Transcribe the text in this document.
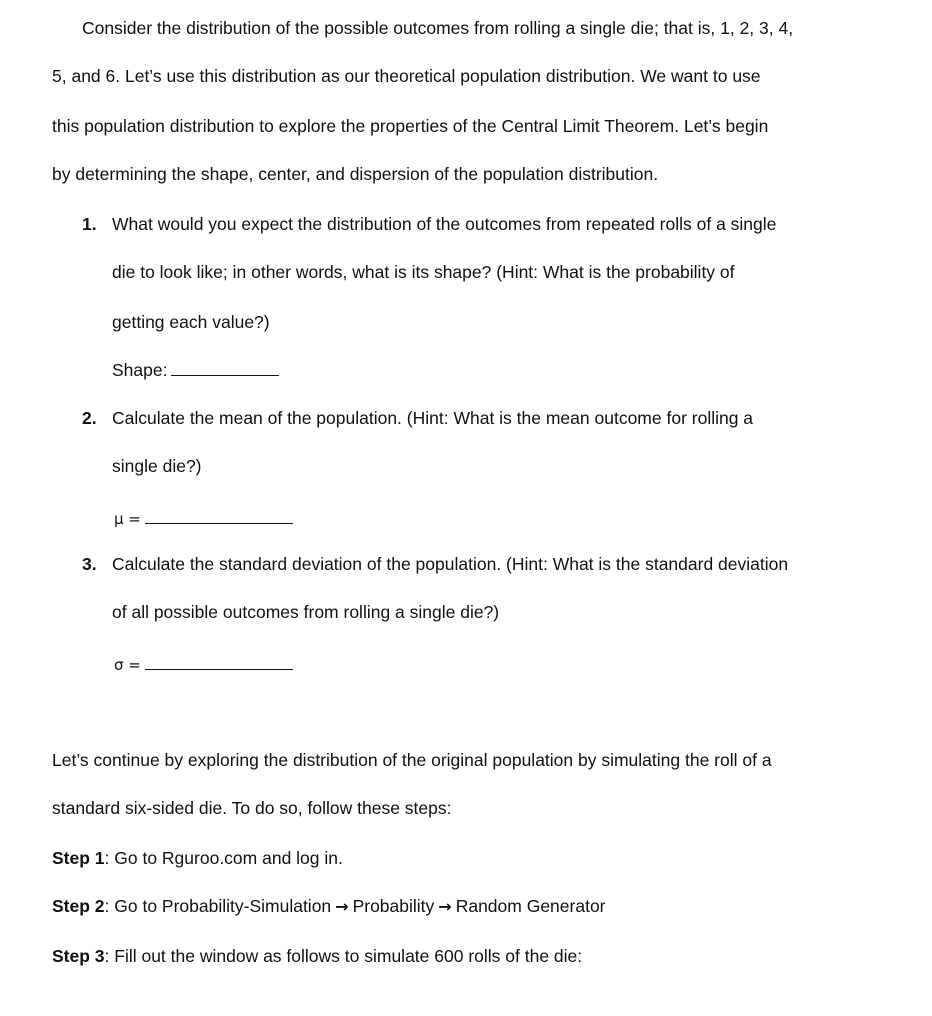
Consider the distribution of the possible outcomes from rolling a single die; that is, 1, 2, 3, 4,
5, and 6. Let’s use this distribution as our theoretical population distribution. We want to use
this population distribution to explore the properties of the Central Limit Theorem. Let’s begin
by determining the shape, center, and dispersion of the population distribution.
1. What would you expect the distribution of the outcomes from repeated rolls of a single
die to look like; in other words, what is its shape? (Hint: What is the probability of
getting each value?)
Shape:
2. Calculate the mean of the population. (Hint: What is the mean outcome for rolling a
single die?)
μ =
3. Calculate the standard deviation of the population. (Hint: What is the standard deviation
of all possible outcomes from rolling a single die?)
σ =
Let’s continue by exploring the distribution of the original population by simulating the roll of a
standard six-sided die. To do so, follow these steps:
Step 1: Go to Rguroo.com and log in.
Step 2: Go to Probability-Simulation → Probability → Random Generator
Step 3: Fill out the window as follows to simulate 600 rolls of the die:
